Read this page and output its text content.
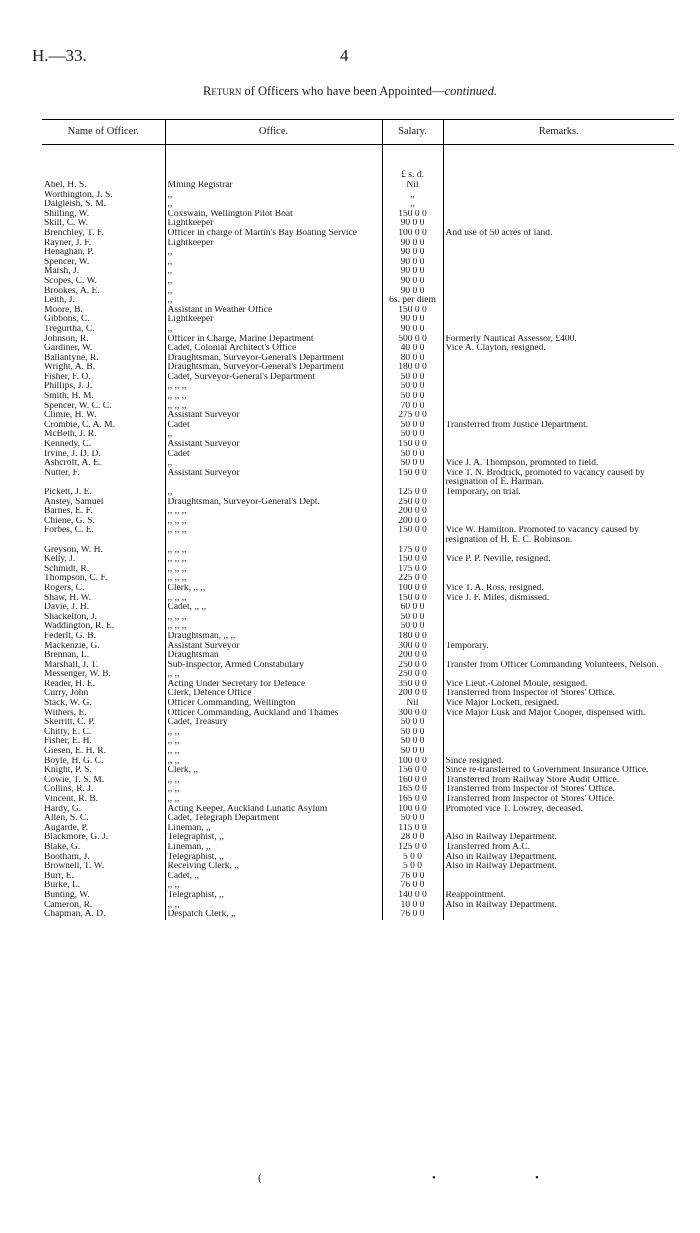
H.—33.	4
Return of Officers who have been Appointed—continued.
Name of Officer.	Office.	Salary.	Remarks.
		£ s. d.	
Abel, H. S.	Mining Registrar	Nil	
Worthington, J. S.	,,	,,	
Dalgleish, S. M.	,,	,,	
Shilling, W.	Coxswain, Wellington Pilot Boat	150 0 0	
Skill, C. W.	Lightkeeper	90 0 0	
Brenchley, T. F.	Officer in charge of Martin's Bay Boating Service	100 0 0	And use of 50 acres of land.
Rayner, J. F.	Lightkeeper	90 0 0	
Henaghan, P.	,,	90 0 0	
Spencer, W.	,,	90 0 0	
Marsh, J.	,,	90 0 0	
Scopes, C. W.	,,	90 0 0	
Brookes, A. E.	,,	90 0 0	
Leith, J.	,,	6s. per diem	
Moore, B.	Assistant in Weather Office	150 0 0	
Gibbons, C.	Lightkeeper	90 0 0	
Tregurtha, C.	,,	90 0 0	
Johnson, R.	Officer in Charge, Marine Department	500 0 0	Formerly Nautical Assessor, £400.
Gardiner, W.	Cadet, Colonial Architect's Office	40 0 0	Vice A. Clayton, resigned.
Ballantyne, R.	Draughtsman, Surveyor-General's Department	80 0 0	
Wright, A. B.	Draughtsman, Surveyor-General's Department	180 0 0	
Fisher, F. O.	Cadet, Surveyor-General's Department	50 0 0	
Phillips, J. J.	,, ,, ,,	50 0 0	
Smith, H. M.	,, ,, ,,	50 0 0	
Spencer, W. C. C.	,, ,, ,,	70 0 0	
Climie, H. W.	Assistant Surveyor	275 0 0	
Crombie, C. A. M.	Cadet	50 0 0	Transferred from Justice Department.
McBeth, J. R.	,,	50 0 0	
Kennedy, C.	Assistant Surveyor	150 0 0	
Irvine, J. D. D.	Cadet	50 0 0	
Ashcroft, A. E.	,,	50 0 0	Vice J. A. Thompson, promoted to field.
Nutter, F.	Assistant Surveyor	150 0 0	Vice T. N. Brodrick, promoted to vacancy caused by resignation of E. Harman.
Pickett, J. E.	,,	125 0 0	Temporary, on trial.
Anstey, Samuel	Draughtsman, Surveyor-General's Dept.	250 0 0	
Barnes, E. F.	,, ,, ,,	200 0 0	
Chiene, G. S.	,, ,, ,,	200 0 0	
Forbes, C. E.	,, ,, ,,	150 0 0	Vice W. Hamilton. Promoted to vacancy caused by resignation of H. E. C. Robinson.
Greyson, W. H.	,, ,, ,,	175 0 0	
Kelly, J.	,, ,, ,,	150 0 0	Vice P. P. Neville, resigned.
Schmidt, R.	,, ,, ,,	175 0 0	
Thompson, C. F.	,, ,, ,,	225 0 0	
Rogers, C.	Clerk, ,, ,,	100 0 0	Vice T. A. Ross, resigned.
Shaw, H. W.	,, ,, ,,	150 0 0	Vice J. F. Miles, dismissed.
Davie, J. H.	Cadet, ,, ,,	60 0 0	
Shackelton, J.	,, ,, ,,	50 0 0	
Waddington, R. E.	,, ,, ,,	50 0 0	
Federlt, G. B.	Draughtsman, ,, ,,	180 0 0	
Mackenzie, G.	Assistant Surveyor	300 0 0	Temporary.
Brennan, L.	Draughtsman	200 0 0	
Marshall, J. T.	Sub-Inspector, Armed Constabulary	250 0 0	Transfer from Officer Commanding Volunteers, Nelson.
Messenger, W. B.	,, ,,	250 0 0	
Reader, H. E.	Acting Under Secretary for Defence	350 0 0	Vice Lieut.-Colonel Moule, resigned.
Curry, John	Clerk, Defence Office	200 0 0	Transferred from Inspector of Stores' Office.
Stack, W. G.	Officer Commanding, Wellington	Nil	Vice Major Lockett, resigned.
Withers, E.	Officer Commanding, Auckland and Thames	300 0 0	Vice Major Lusk and Major Cooper, dispensed with.
Skerritt, C. P.	Cadet, Treasury	50 0 0	
Chitty, E. C.	,, ,,	50 0 0	
Fisher, E. H.	,, ,,	50 0 0	
Giesen, E. H. R.	,, ,,	50 0 0	
Boyle, H. G. C.	,, ,,	100 0 0	Since resigned.
Knight, P. S.	Clerk, ,,	156 0 0	Since re-transferred to Government Insurance Office.
Cowie, T. S. M.	,, ,,	160 0 0	Transferred from Railway Store Audit Office.
Collins, R. J.	,, ,,	165 0 0	Transferred from Inspector of Stores' Office.
Vincent, R. B.	,, ,,	165 0 0	Transferred from Inspector of Stores' Office.
Hardy, G.	Acting Keeper, Auckland Lunatic Asylum	100 0 0	Promoted vice T. Lowrey, deceased.
Allen, S. C.	Cadet, Telegraph Department	50 0 0	
Augarde, P.	Lineman, ,,	115 0 0	
Blackmore, G. J.	Telegraphist, ,,	28 0 0	Also in Railway Department.
Blake, G.	Lineman, ,,	125 0 0	Transferred from A.C.
Bootham, J.	Telegraphist, ,,	5 0 0	Also in Railway Department.
Brownell, T. W.	Receiving Clerk, ,,	5 0 0	Also in Railway Department.
Burr, E.	Cadet, ,,	76 0 0	
Burke, L.	,, ,,	76 0 0	
Bunting, W.	Telegraphist, ,,	140 0 0	Reappointment.
Cameron, R.	,, ,,	10 0 0	Also in Railway Department.
Chapman, A. D.	Despatch Clerk, ,,	76 0 0	
(	•	•
